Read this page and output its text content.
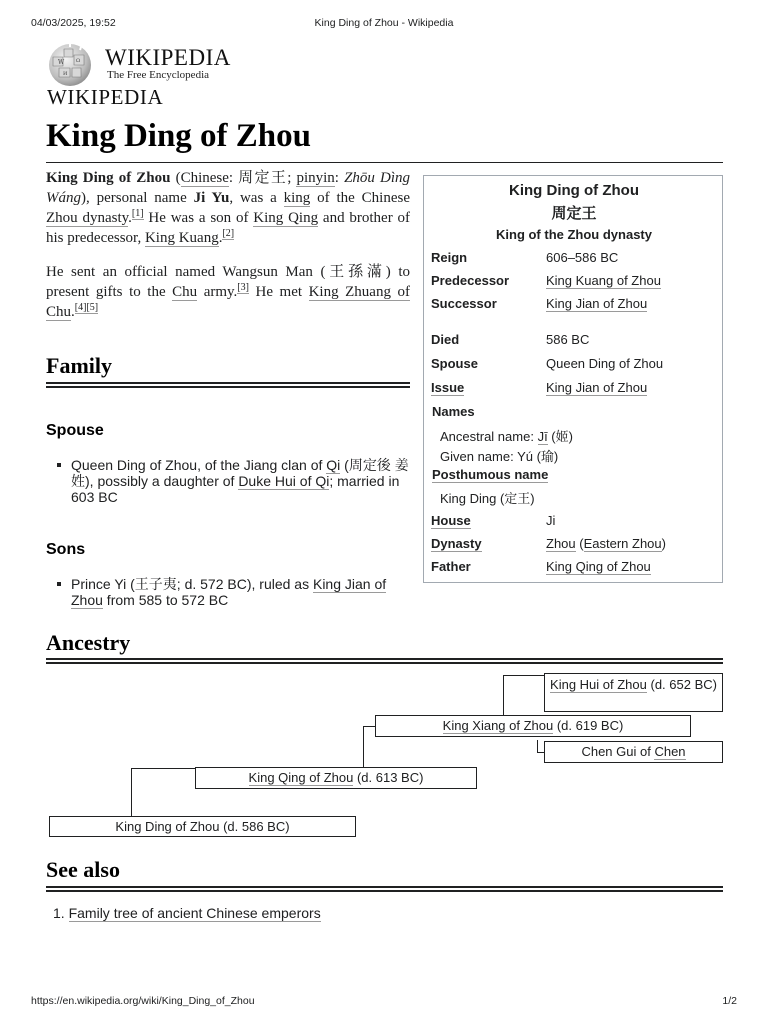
04/03/2025, 19:52	King Ding of Zhou - Wikipedia
https://en.wikipedia.org/wiki/King_Ding_of_Zhou	1/2
W Ω
И
WIKIPEDIA
The Free Encyclopedia
WIKIPEDIA
King Ding of Zhou

King Ding of Zhou (Chinese: 周定王; pinyin: Zhōu Dìng Wáng), personal name Ji Yu, was a king of the Chinese Zhou dynasty.[1] He was a son of King Qing and brother of his predecessor, King Kuang.[2]

He sent an official named Wangsun Man (王孫滿) to present gifts to the Chu army.[3] He met King Zhuang of Chu.[4][5]

Family
Spouse
Queen Ding of Zhou, of the Jiang clan of Qi (周定後 姜姓), possibly a daughter of Duke Hui of Qi; married in 603 BC
Sons
Prince Yi (王子夷; d. 572 BC), ruled as King Jian of Zhou from 585 to 572 BC
King Ding of Zhou
周定王
King of the Zhou dynasty
Reign	606–586 BC
Predecessor	King Kuang of Zhou
Successor	King Jian of Zhou
Died	586 BC
Spouse	Queen Ding of Zhou
Issue	King Jian of Zhou
Names
Ancestral name: Jī (姬)
Given name: Yú (瑜)
Posthumous name
King Ding (定王)
House	Ji
Dynasty	Zhou (Eastern Zhou)
Father	King Qing of Zhou
Ancestry
King Ding of Zhou (d. 586 BC)
King Qing of Zhou (d. 613 BC)
King Xiang of Zhou (d. 619 BC)
King Hui of Zhou (d. 652 BC)
Chen Gui of Chen
See also
1. Family tree of ancient Chinese emperors
